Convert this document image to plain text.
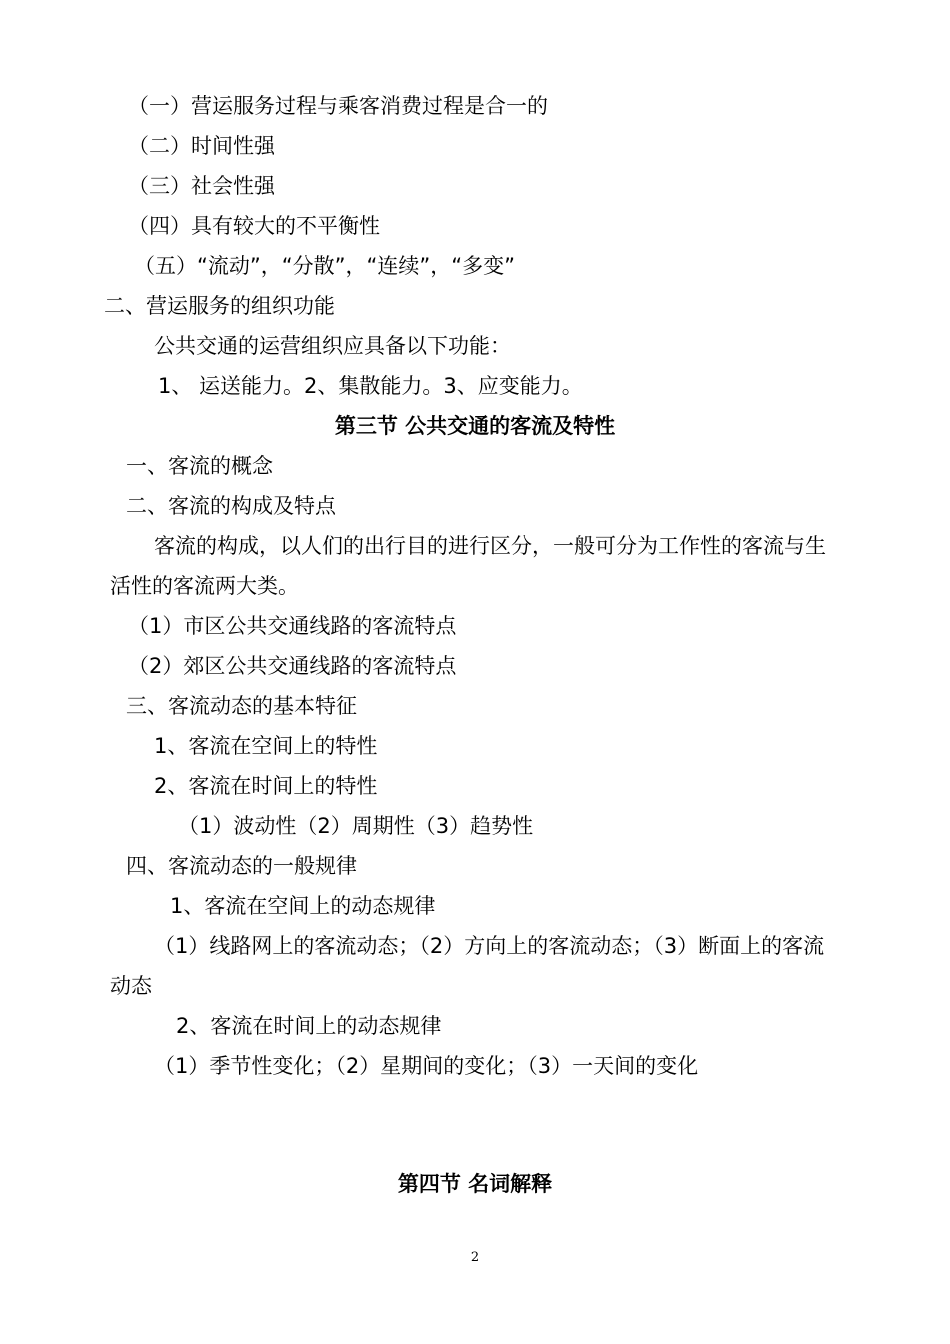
（一）营运服务过程与乘客消费过程是合一的
（二）时间性强
（三）社会性强
（四）具有较大的不平衡性
（五）“流动”，“分散”，“连续”，“多变”
二、营运服务的组织功能
公共交通的运营组织应具备以下功能：
1、 运送能力。2、集散能力。3、应变能力。
第三节 公共交通的客流及特性
一、客流的概念
二、客流的构成及特点
客流的构成，以人们的出行目的进行区分，一般可分为工作性的客流与生
活性的客流两大类。
（1）市区公共交通线路的客流特点
（2）郊区公共交通线路的客流特点
三、客流动态的基本特征
1、客流在空间上的特性
2、客流在时间上的特性
（1）波动性（2）周期性（3）趋势性
四、客流动态的一般规律
1、客流在空间上的动态规律
（1）线路网上的客流动态；（2）方向上的客流动态；（3）断面上的客流
动态
2、客流在时间上的动态规律
（1）季节性变化；（2）星期间的变化；（3）一天间的变化
第四节 名词解释
2
